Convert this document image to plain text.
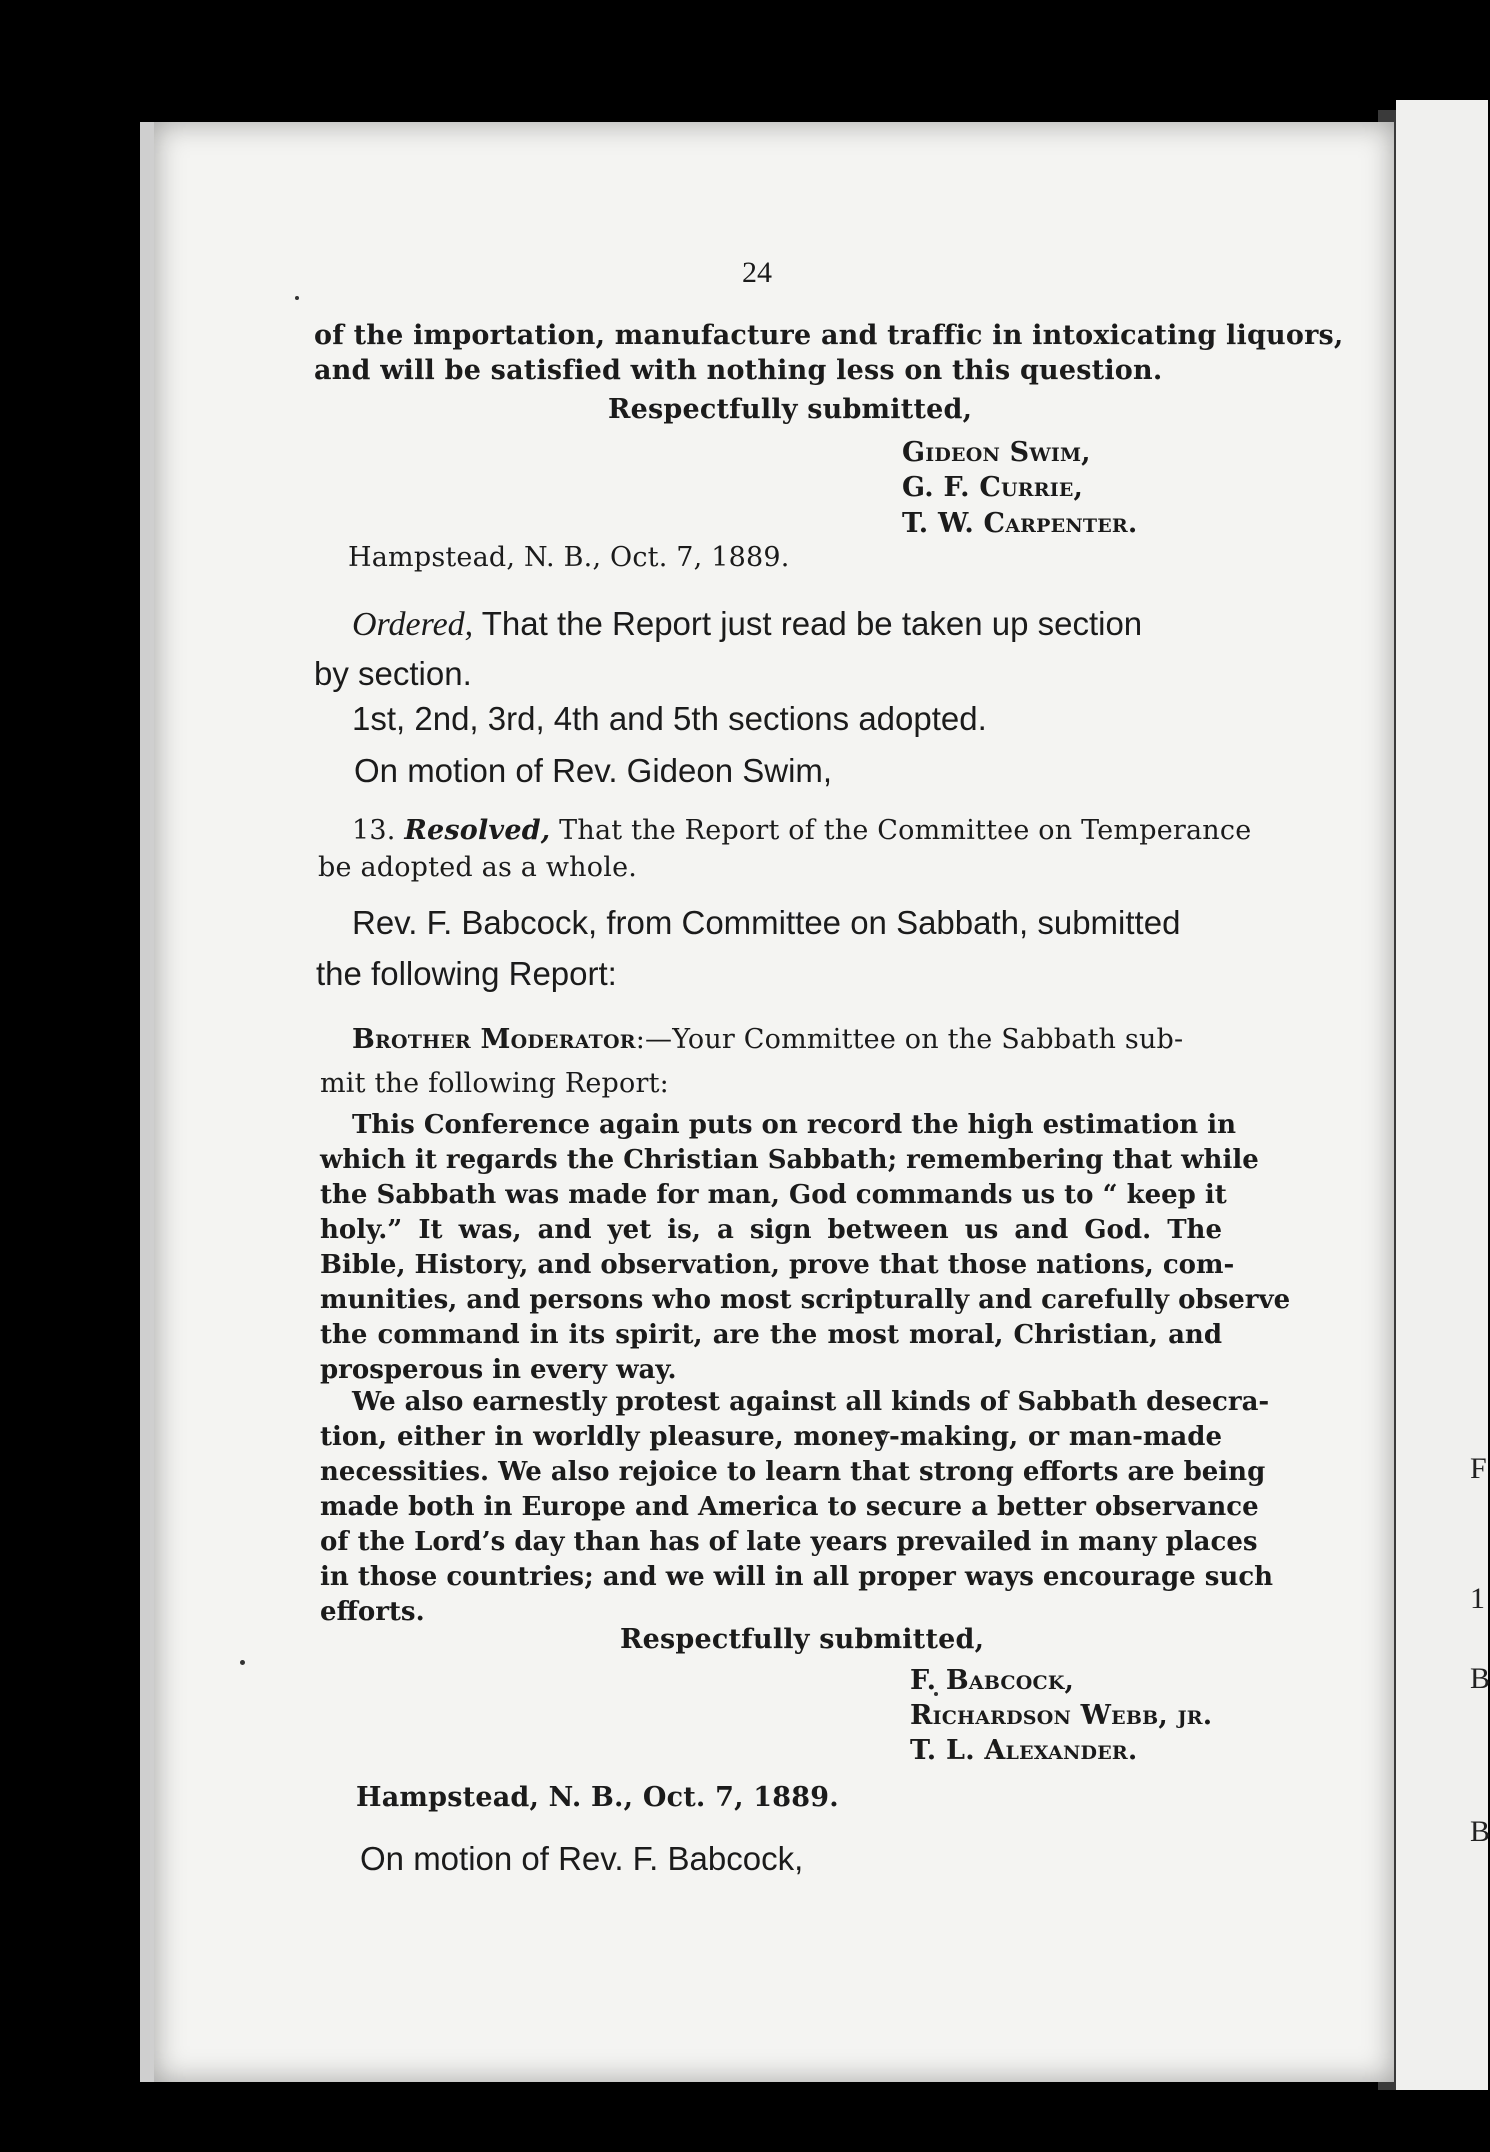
F
1
B
B
24
of the importation, manufacture and traffic in intoxicating liquors,
and will be satisfied with nothing less on this question.
Respectfully submitted,
Gideon Swim,
G. F. Currie,
T. W. Carpenter.
Hampstead, N. B., Oct. 7, 1889.
Ordered, That the Report just read be taken up section
by section.
1st, 2nd, 3rd, 4th and 5th sections adopted.
On motion of Rev. Gideon Swim,
13. Resolved, That the Report of the Committee on Temperance
be adopted as a whole.
Rev. F. Babcock, from Committee on Sabbath, submitted
the following Report:
Brother Moderator:—Your Committee on the Sabbath sub-
mit the following Report:
This Conference again puts on record the high estimation in
which it regards the Christian Sabbath; remembering that while
the Sabbath was made for man, God commands us to “ keep it
holy.” It was, and yet is, a sign between us and God. The
Bible, History, and observation, prove that those nations, com-
munities, and persons who most scripturally and carefully observe
the command in its spirit, are the most moral, Christian, and
prosperous in every way.
We also earnestly protest against all kinds of Sabbath desecra-
tion, either in worldly pleasure, money-making, or man-made
necessities. We also rejoice to learn that strong efforts are being
made both in Europe and America to secure a better observance
of the Lord’s day than has of late years prevailed in many places
in those countries; and we will in all proper ways encourage such
efforts.
Respectfully submitted,
F. Babcock,
Richardson Webb, jr.
T. L. Alexander.
Hampstead, N. B., Oct. 7, 1889.
On motion of Rev. F. Babcock,
